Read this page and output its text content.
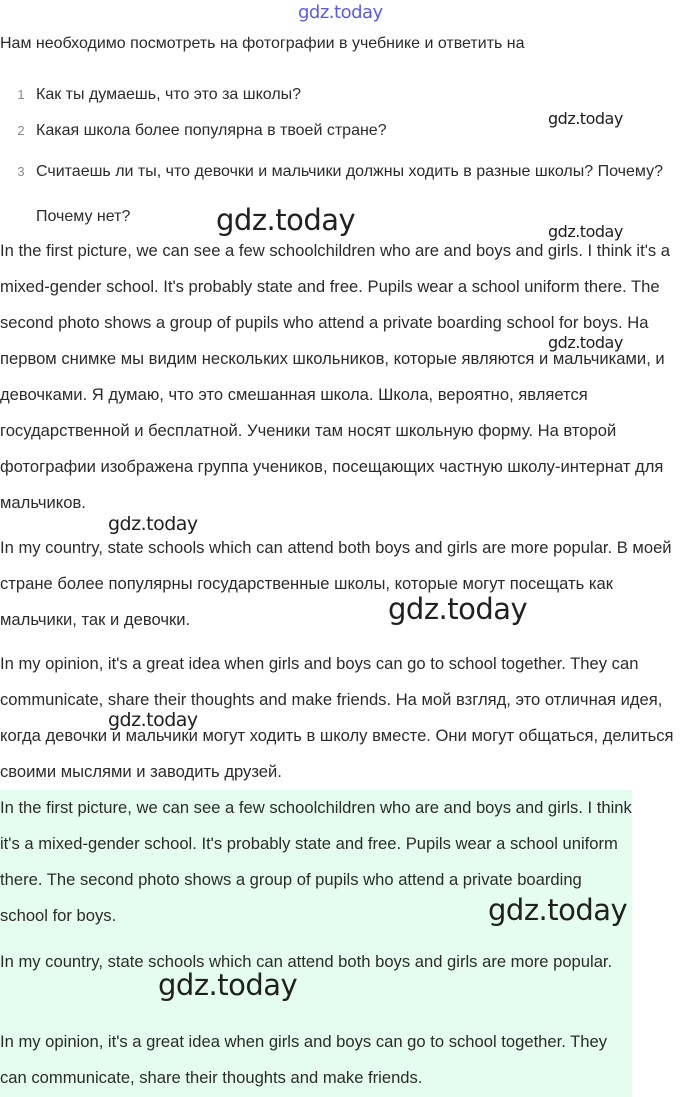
gdz.today
Нам необходимо посмотреть на фотографии в учебнике и ответить на
1 Как ты думаешь, что это за школы?
2 Какая школа более популярна в твоей стране?
3 Считаешь ли ты, что девочки и мальчики должны ходить в разные школы? Почему? Почему нет?

In the first picture, we can see a few schoolchildren who are and boys and girls. I think it's a mixed-gender school. It's probably state and free. Pupils wear a school uniform there. The second photo shows a group of pupils who attend a private boarding school for boys. На первом снимке мы видим нескольких школьников, которые являются и мальчиками, и девочками. Я думаю, что это смешанная школа. Школа, вероятно, является государственной и бесплатной. Ученики там носят школьную форму. На второй фотографии изображена группа учеников, посещающих частную школу-интернат для мальчиков.

In my country, state schools which can attend both boys and girls are more popular. В моей стране более популярны государственные школы, которые могут посещать как мальчики, так и девочки.

In my opinion, it's a great idea when girls and boys can go to school together. They can communicate, share their thoughts and make friends. На мой взгляд, это отличная идея, когда девочки и мальчики могут ходить в школу вместе. Они могут общаться, делиться своими мыслями и заводить друзей.

In the first picture, we can see a few schoolchildren who are and boys and girls. I think it's a mixed-gender school. It's probably state and free. Pupils wear a school uniform there. The second photo shows a group of pupils who attend a private boarding school for boys.

In my country, state schools which can attend both boys and girls are more popular.

In my opinion, it's a great idea when girls and boys can go to school together. They can communicate, share their thoughts and make friends.

gdz.today
gdz.today	gdz.today
gdz.today
gdz.today
gdz.today
gdz.today
gdz.today
gdz.today
